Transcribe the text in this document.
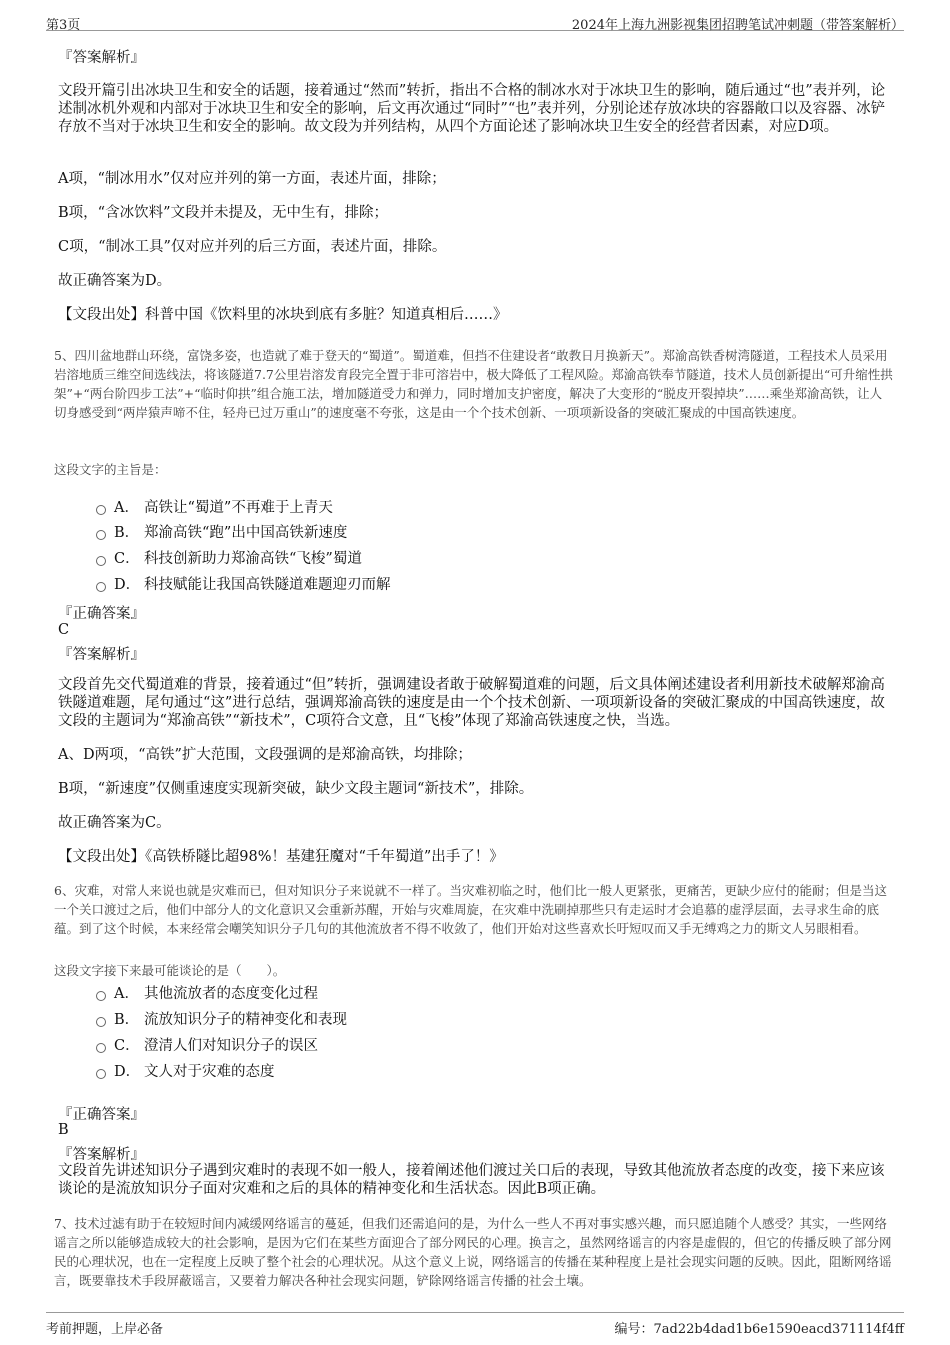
第3页	2024年上海九洲影视集团招聘笔试冲刺题（带答案解析）
『答案解析』

文段开篇引出冰块卫生和安全的话题，接着通过“然而”转折，指出不合格的制冰水对于冰块卫生的影响，随后通过“也”表并列，论述制冰机外观和内部对于冰块卫生和安全的影响，后文再次通过“同时”“也”表并列，分别论述存放冰块的容器敞口以及容器、冰铲存放不当对于冰块卫生和安全的影响。故文段为并列结构，从四个方面论述了影响冰块卫生安全的经营者因素，对应D项。

A项，“制冰用水”仅对应并列的第一方面，表述片面，排除；
B项，“含冰饮料”文段并未提及，无中生有，排除；
C项，“制冰工具”仅对应并列的后三方面，表述片面，排除。
故正确答案为D。
【文段出处】科普中国《饮料里的冰块到底有多脏？知道真相后……》

5、四川盆地群山环绕，富饶多姿，也造就了难于登天的“蜀道”。蜀道难，但挡不住建设者“敢教日月换新天”。郑渝高铁香树湾隧道，工程技术人员采用岩溶地质三维空间选线法，将该隧道7.7公里岩溶发育段完全置于非可溶岩中，极大降低了工程风险。郑渝高铁奉节隧道，技术人员创新提出“可升缩性拱架”+“两台阶四步工法”+“临时仰拱”组合施工法，增加隧道受力和弹力，同时增加支护密度，解决了大变形的“脱皮开裂掉块”……乘坐郑渝高铁，让人切身感受到“两岸猿声啼不住，轻舟已过万重山”的速度毫不夸张，这是由一个个技术创新、一项项新设备的突破汇聚成的中国高铁速度。

这段文字的主旨是：
A． 高铁让“蜀道”不再难于上青天
B． 郑渝高铁“跑”出中国高铁新速度
C． 科技创新助力郑渝高铁“飞梭”蜀道
D． 科技赋能让我国高铁隧道难题迎刃而解
『正确答案』
C
『答案解析』

文段首先交代蜀道难的背景，接着通过“但”转折，强调建设者敢于破解蜀道难的问题，后文具体阐述建设者利用新技术破解郑渝高铁隧道难题，尾句通过“这”进行总结，强调郑渝高铁的速度是由一个个技术创新、一项项新设备的突破汇聚成的中国高铁速度，故文段的主题词为“郑渝高铁”“新技术”，C项符合文意，且“飞梭”体现了郑渝高铁速度之快，当选。

A、D两项，“高铁”扩大范围，文段强调的是郑渝高铁，均排除；
B项，“新速度”仅侧重速度实现新突破，缺少文段主题词“新技术”，排除。
故正确答案为C。
【文段出处】《高铁桥隧比超98%！基建狂魔对“千年蜀道”出手了！》

6、灾难，对常人来说也就是灾难而已，但对知识分子来说就不一样了。当灾难初临之时，他们比一般人更紧张，更痛苦，更缺少应付的能耐；但是当这一个关口渡过之后，他们中部分人的文化意识又会重新苏醒，开始与灾难周旋，在灾难中洗刷掉那些只有走运时才会追慕的虚浮层面，去寻求生命的底蕴。到了这个时候，本来经常会嘲笑知识分子几句的其他流放者不得不收敛了，他们开始对这些喜欢长吁短叹而又手无缚鸡之力的斯文人另眼相看。

这段文字接下来最可能谈论的是（　　）。
A． 其他流放者的态度变化过程
B． 流放知识分子的精神变化和表现
C． 澄清人们对知识分子的误区
D． 文人对于灾难的态度
『正确答案』
B
『答案解析』

文段首先讲述知识分子遇到灾难时的表现不如一般人，接着阐述他们渡过关口后的表现，导致其他流放者态度的改变，接下来应该谈论的是流放知识分子面对灾难和之后的具体的精神变化和生活状态。因此B项正确。

7、技术过滤有助于在较短时间内减缓网络谣言的蔓延，但我们还需追问的是，为什么一些人不再对事实感兴趣，而只愿追随个人感受？其实，一些网络谣言之所以能够造成较大的社会影响，是因为它们在某些方面迎合了部分网民的心理。换言之，虽然网络谣言的内容是虚假的，但它的传播反映了部分网民的心理状况，也在一定程度上反映了整个社会的心理状况。从这个意义上说，网络谣言的传播在某种程度上是社会现实问题的反映。因此，阻断网络谣言，既要靠技术手段屏蔽谣言，又要着力解决各种社会现实问题，铲除网络谣言传播的社会土壤。

考前押题，上岸必备	编号：7ad22b4dad1b6e1590eacd371114f4ff
